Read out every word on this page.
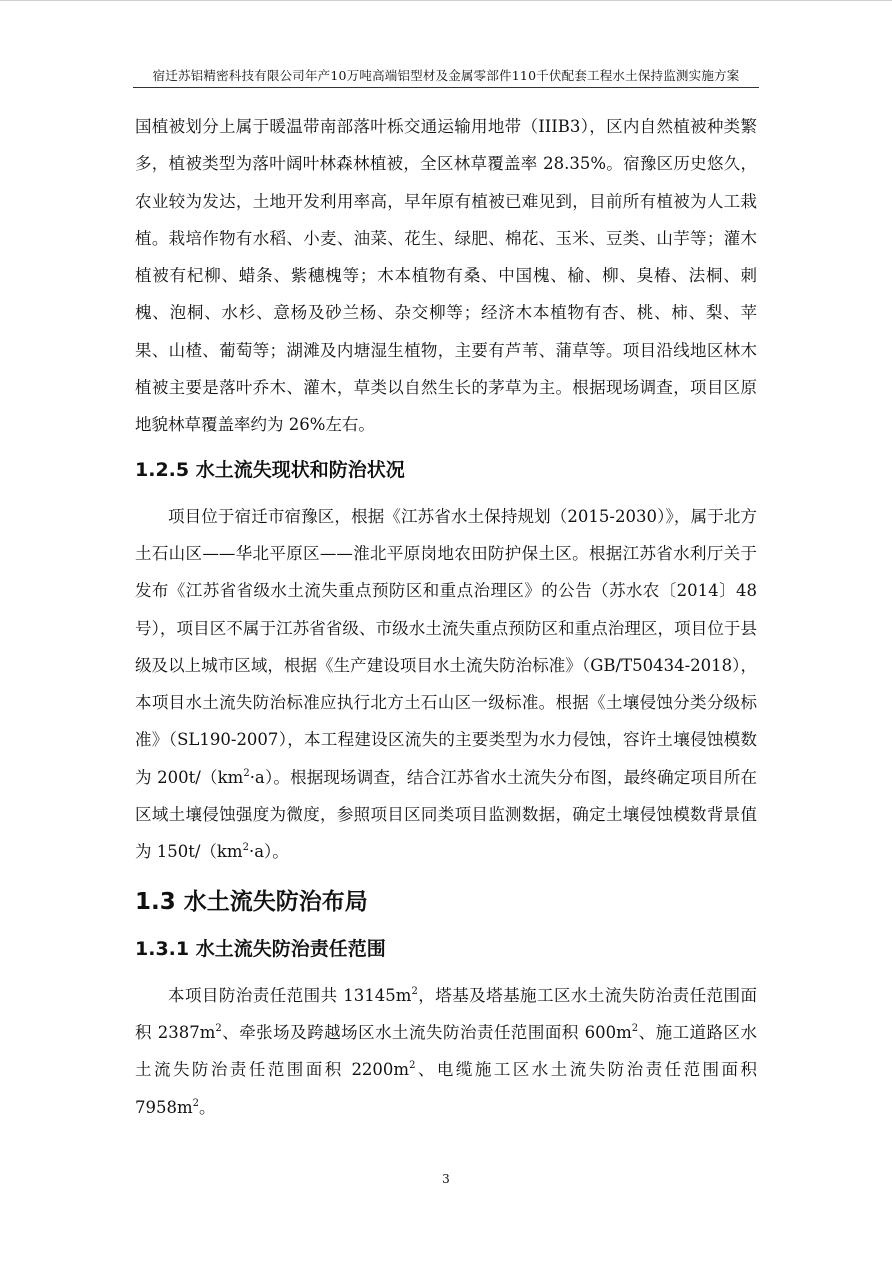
宿迁苏铝精密科技有限公司年产10万吨高端铝型材及金属零部件110千伏配套工程水土保持监测实施方案

国植被划分上属于暖温带南部落叶栎交通运输用地带（IIIB3），区内自然植被种类繁多，植被类型为落叶阔叶林森林植被，全区林草覆盖率 28.35%。宿豫区历史悠久，农业较为发达，土地开发利用率高，早年原有植被已难见到，目前所有植被为人工栽植。栽培作物有水稻、小麦、油菜、花生、绿肥、棉花、玉米、豆类、山芋等；灌木植被有杞柳、蜡条、紫穗槐等；木本植物有桑、中国槐、榆、柳、臭椿、法桐、刺槐、泡桐、水杉、意杨及砂兰杨、杂交柳等；经济木本植物有杏、桃、柿、梨、苹果、山楂、葡萄等；湖滩及内塘湿生植物，主要有芦苇、蒲草等。项目沿线地区林木植被主要是落叶乔木、灌木，草类以自然生长的茅草为主。根据现场调查，项目区原地貌林草覆盖率约为 26%左右。

1.2.5 水土流失现状和防治状况

项目位于宿迁市宿豫区，根据《江苏省水土保持规划（2015-2030）》，属于北方土石山区——华北平原区——淮北平原岗地农田防护保土区。根据江苏省水利厅关于发布《江苏省省级水土流失重点预防区和重点治理区》的公告（苏水农〔2014〕48 号），项目区不属于江苏省省级、市级水土流失重点预防区和重点治理区，项目位于县级及以上城市区域，根据《生产建设项目水土流失防治标准》（GB/T50434-2018），本项目水土流失防治标准应执行北方土石山区一级标准。根据《土壤侵蚀分类分级标准》（SL190-2007），本工程建设区流失的主要类型为水力侵蚀，容许土壤侵蚀模数为 $200t/(km^2\cdot a)$。根据现场调查，结合江苏省水土流失分布图，最终确定项目所在区域土壤侵蚀强度为微度，参照项目区同类项目监测数据，确定土壤侵蚀模数背景值为 $150t/(km^2\cdot a)$。

1.3 水土流失防治布局
1.3.1 水土流失防治责任范围

本项目防治责任范围共 $13145m^2$，塔基及塔基施工区水土流失防治责任范围面积 $2387m^2$、牵张场及跨越场区水土流失防治责任范围面积 $600m^2$、施工道路区水土流失防治责任范围面积 $2200m^2$、电缆施工区水土流失防治责任范围面积 $7958m^2$。

3
